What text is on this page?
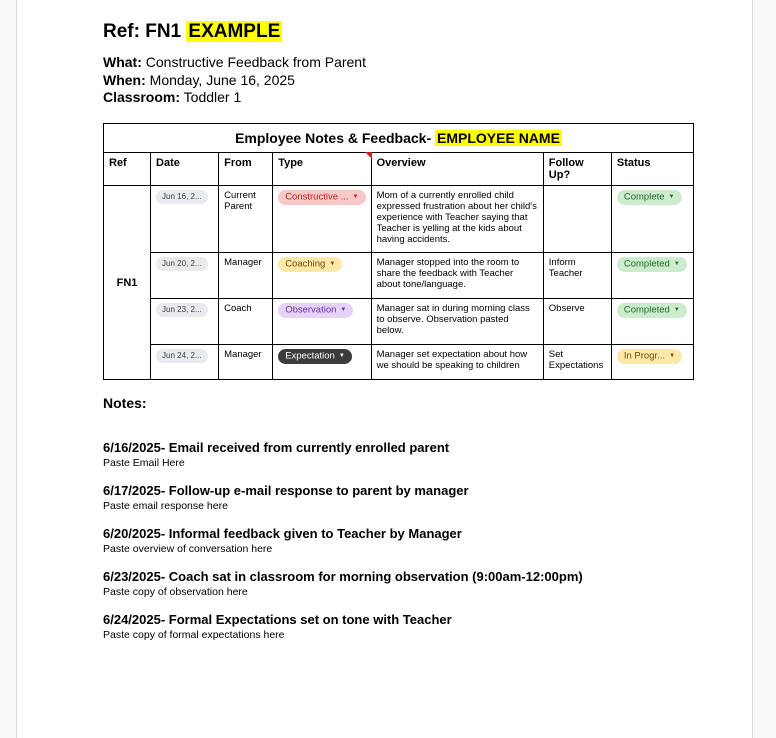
Ref: FN1 EXAMPLE
What: Constructive Feedback from Parent
When: Monday, June 16, 2025
Classroom: Toddler 1
Employee Notes & Feedback- EMPLOYEE NAME						
Ref	Date	From	Type	Overview	Follow Up?	Status
FN1	Jun 16, 2...	Current Parent	Constructive ... ▼	Mom of a currently enrolled child expressed frustration about her child's experience with Teacher saying that Teacher is yelling at the kids about having accidents.		Complete ▼
	Jun 20, 2...	Manager	Coaching ▼	Manager stopped into the room to share the feedback with Teacher about tone/language.	Inform Teacher	Completed ▼
	Jun 23, 2...	Coach	Observation ▼	Manager sat in during morning class to observe. Observation pasted below.	Observe	Completed ▼
	Jun 24, 2...	Manager	Expectation ▼	Manager set expectation about how we should be speaking to children	Set Expectations	In Progr... ▼
Notes:
6/16/2025- Email received from currently enrolled parent
Paste Email Here
6/17/2025- Follow-up e-mail response to parent by manager
Paste email response here
6/20/2025- Informal feedback given to Teacher by Manager
Paste overview of conversation here
6/23/2025- Coach sat in classroom for morning observation (9:00am-12:00pm)
Paste copy of observation here
6/24/2025- Formal Expectations set on tone with Teacher
Paste copy of formal expectations here
